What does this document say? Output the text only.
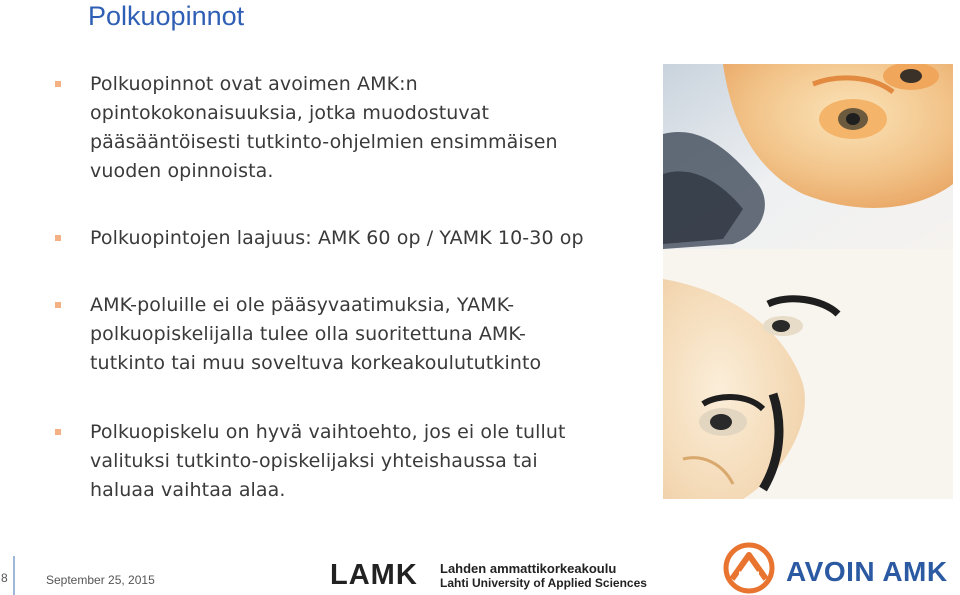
Polkuopinnot
Polkuopinnot ovat avoimen AMK:n
opintokokonaisuuksia, jotka muodostuvat
pääsääntöisesti tutkinto-ohjelmien ensimmäisen
vuoden opinnoista.
Polkuopintojen laajuus: AMK 60 op / YAMK 10-30 op
AMK-poluille ei ole pääsyvaatimuksia, YAMK-
polkuopiskelijalla tulee olla suoritettuna AMK-
tutkinto tai muu soveltuva korkeakoulututkinto
Polkuopiskelu on hyvä vaihtoehto, jos ei ole tullut
valituksi tutkinto-opiskelijaksi yhteishaussa tai
haluaa vaihtaa alaa.
8	September 25, 2015	LAMK Lahden ammattikorkeakoulu
Lahti University of Applied Sciences	AVOIN AMK
